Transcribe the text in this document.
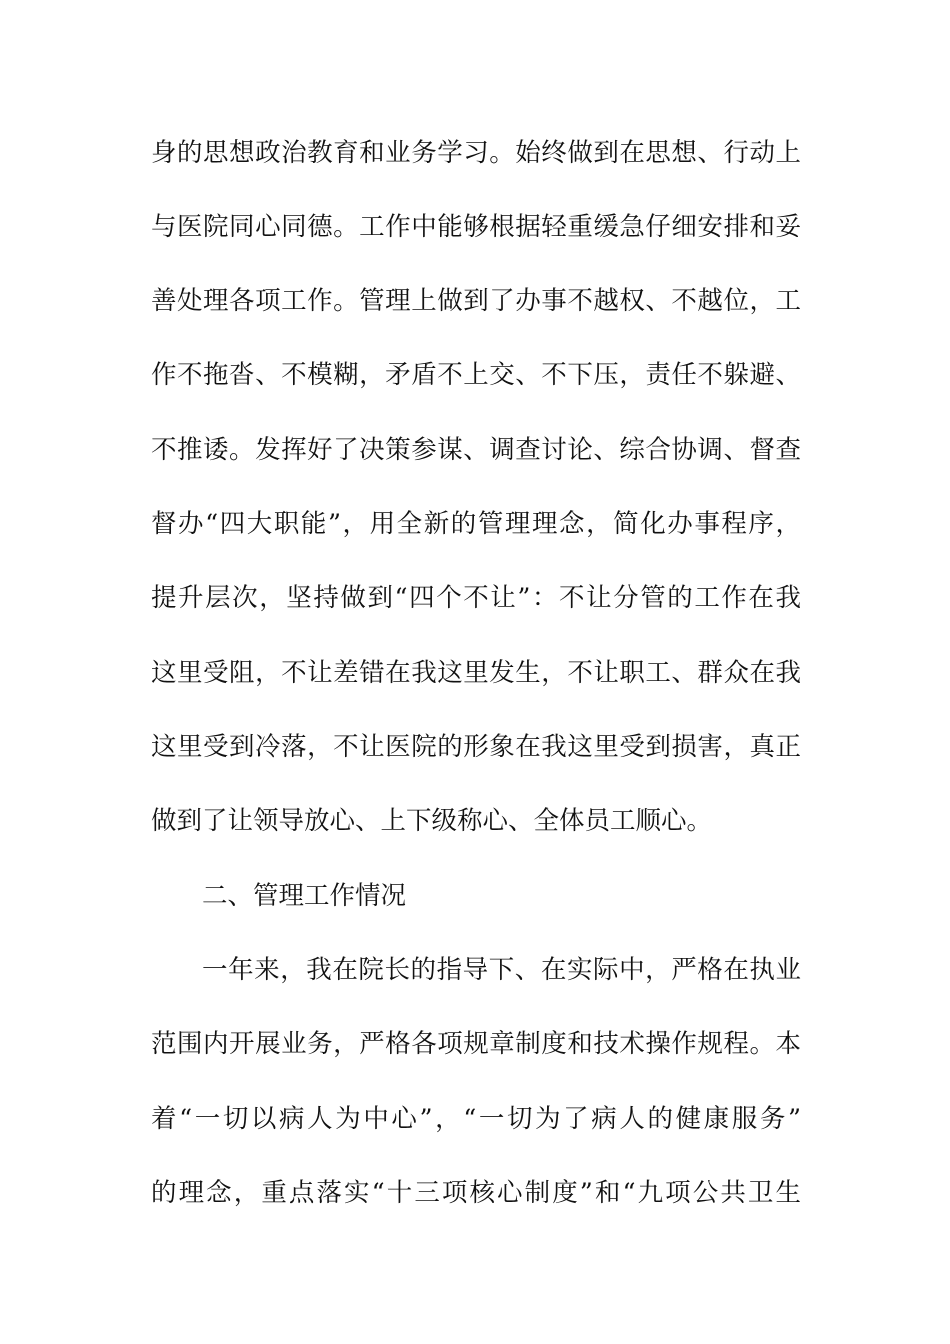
身的思想政治教育和业务学习。始终做到在思想、行动上
与医院同心同德。工作中能够根据轻重缓急仔细安排和妥
善处理各项工作。管理上做到了办事不越权、不越位，工
作不拖沓、不模糊，矛盾不上交、不下压，责任不躲避、
不推诿。发挥好了决策参谋、调查讨论、综合协调、督查
督办“四大职能”，用全新的管理理念，简化办事程序，
提升层次，坚持做到“四个不让”：不让分管的工作在我
这里受阻，不让差错在我这里发生，不让职工、群众在我
这里受到冷落，不让医院的形象在我这里受到损害，真正
做到了让领导放心、上下级称心、全体员工顺心。
二、管理工作情况
一年来，我在院长的指导下、在实际中，严格在执业
范围内开展业务，严格各项规章制度和技术操作规程。本
着“一切以病人为中心”，“一切为了病人的健康服务”
的理念，重点落实“十三项核心制度”和“九项公共卫生
